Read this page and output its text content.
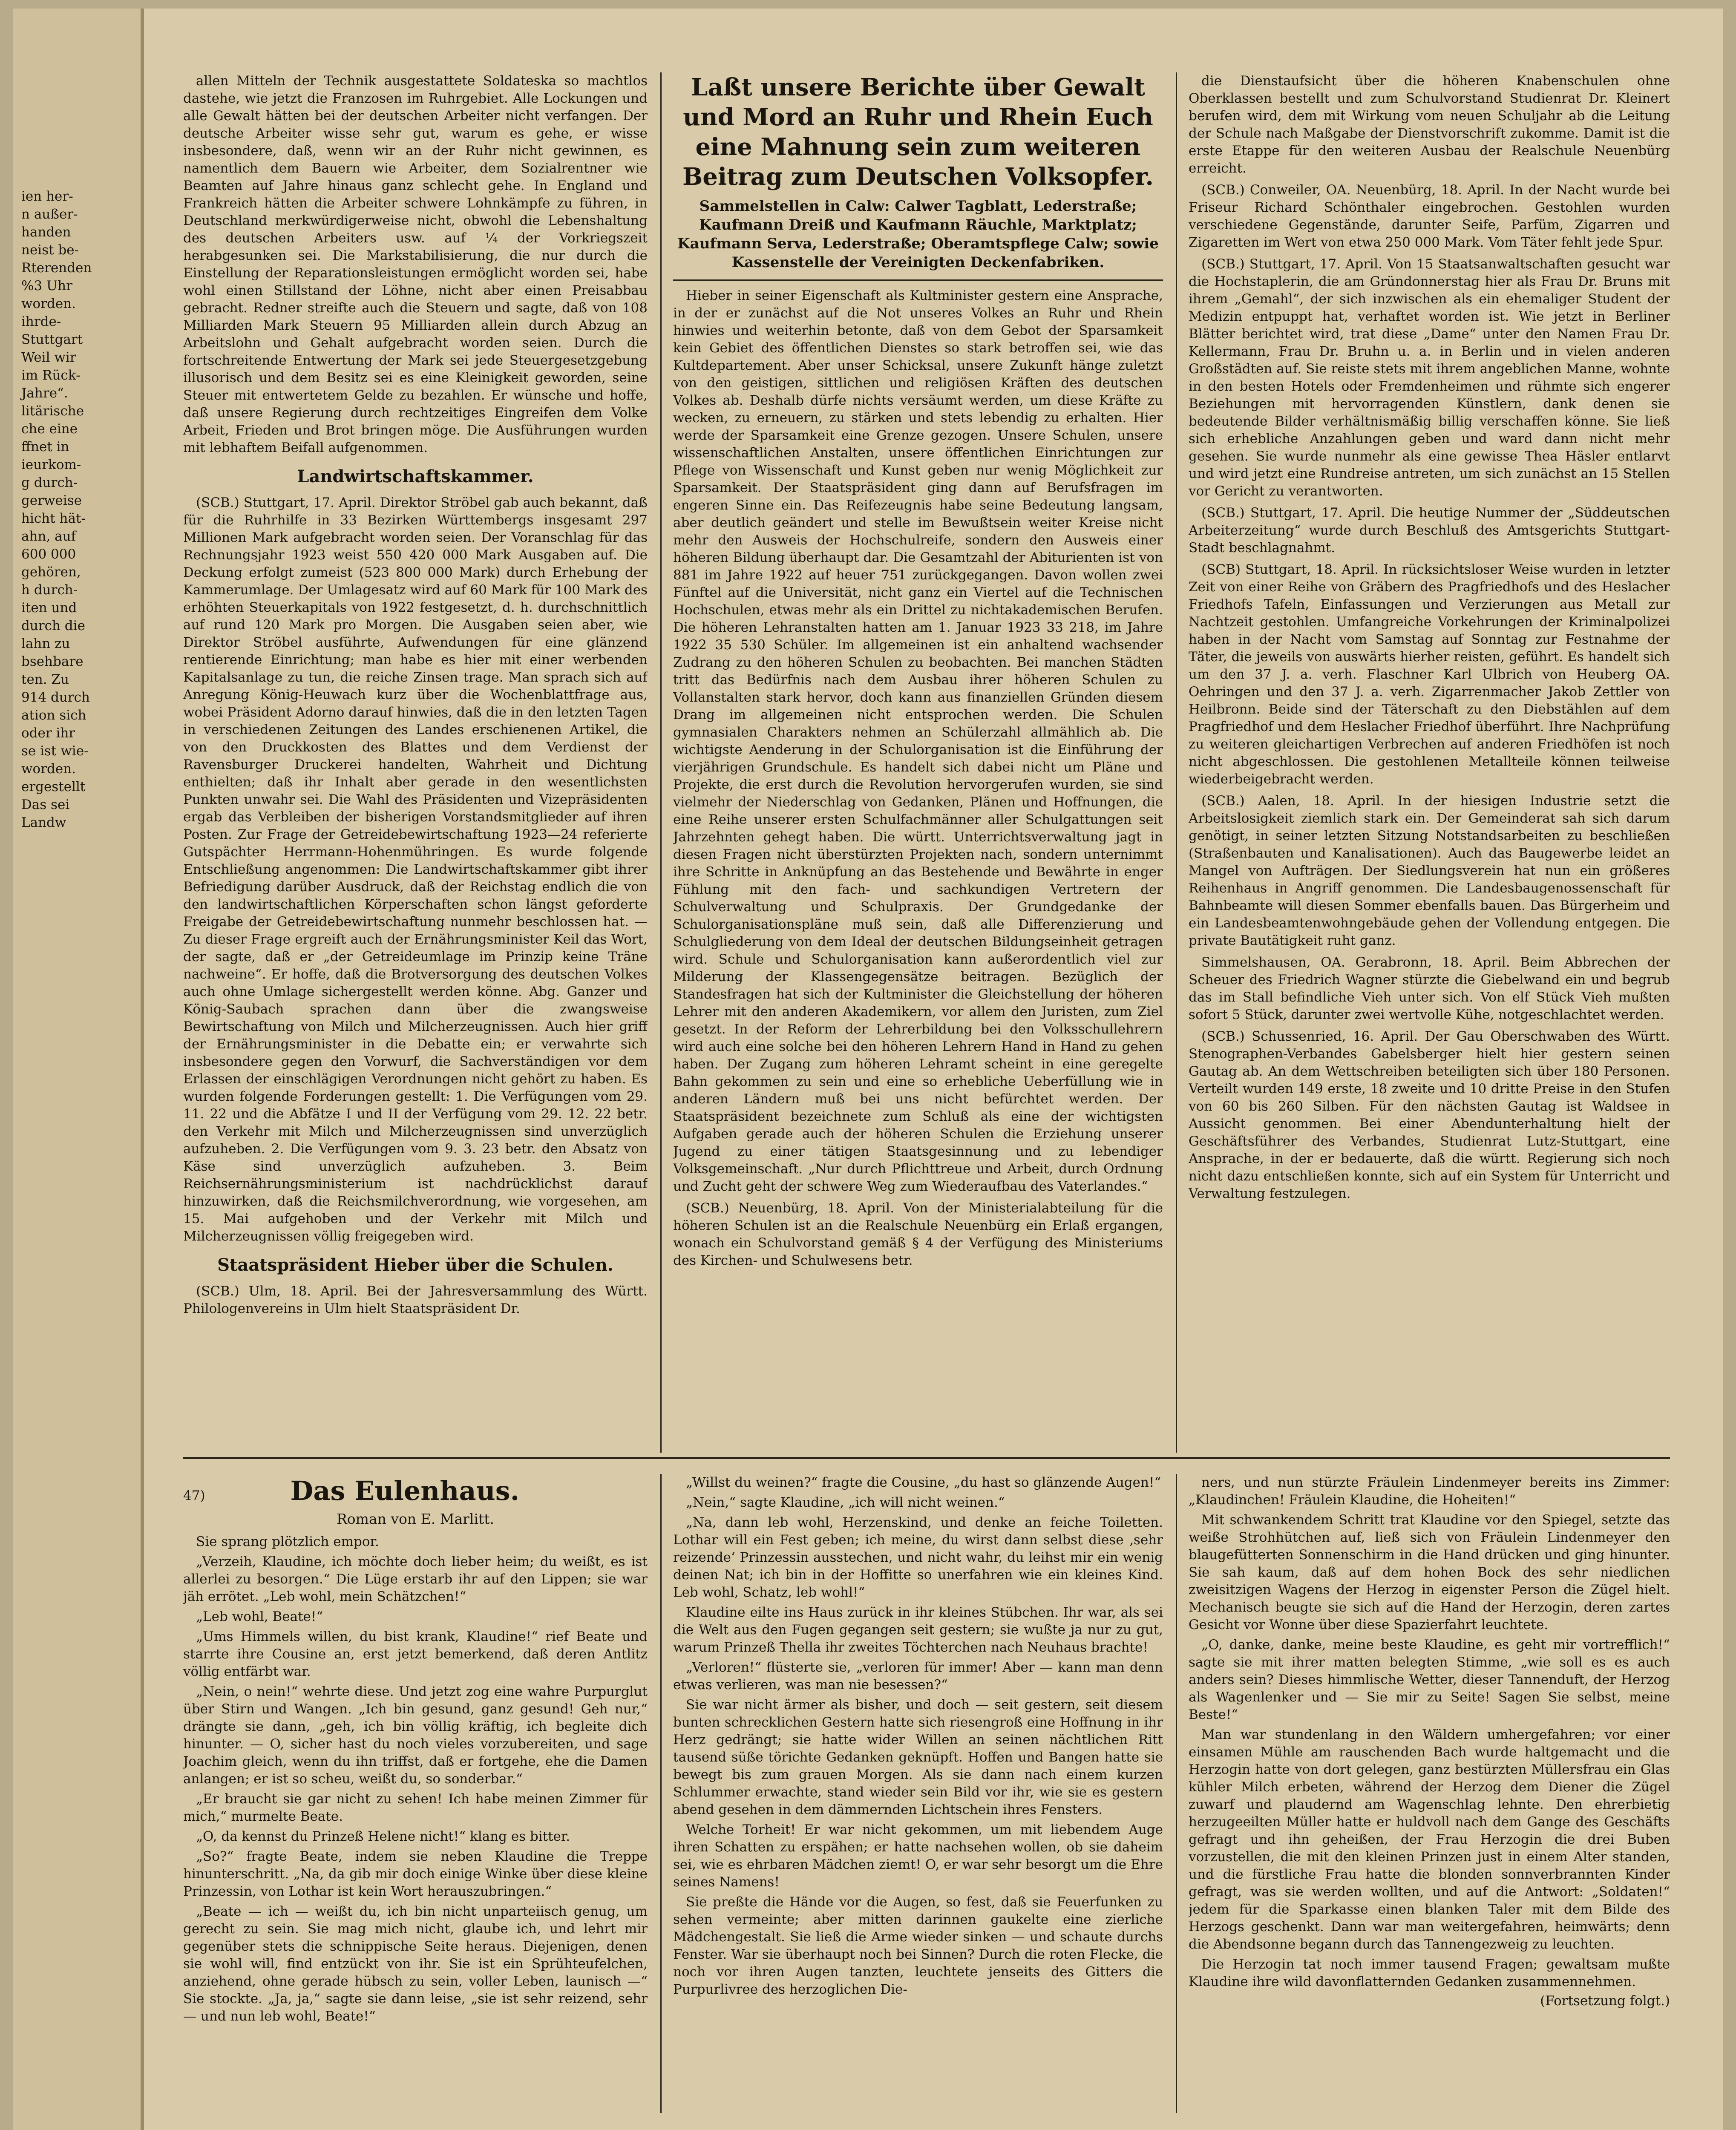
ien her-

n außer-

handen

neist be-

Rterenden

%3 Uhr

worden.

ihrde-

Stuttgart

Weil wir

im Rück-

Jahre“.

litärische

che eine

ffnet in

ieurkom-

g durch-

gerweise

hicht hät-

ahn, auf

600 000

gehören,

h durch-

iten und

durch die

lahn zu

bsehbare

ten. Zu

914 durch

ation sich

oder ihr

se ist wie-

worden.

ergestellt

Das sei

Landw

allen Mitteln der Technik ausgestattete Soldateska so machtlos dastehe, wie jetzt die Franzosen im Ruhrgebiet. Alle Lockungen und alle Gewalt hätten bei der deutschen Arbeiter nicht verfangen. Der deutsche Arbeiter wisse sehr gut, warum es gehe, er wisse insbesondere, daß, wenn wir an der Ruhr nicht gewinnen, es namentlich dem Bauern wie Arbeiter, dem Sozialrentner wie Beamten auf Jahre hinaus ganz schlecht gehe. In England und Frankreich hätten die Arbeiter schwere Lohnkämpfe zu führen, in Deutschland merkwürdigerweise nicht, obwohl die Lebenshaltung des deutschen Arbeiters usw. auf ¼ der Vorkriegszeit herabgesunken sei. Die Markstabilisierung, die nur durch die Einstellung der Reparationsleistungen ermöglicht worden sei, habe wohl einen Stillstand der Löhne, nicht aber einen Preisabbau gebracht. Redner streifte auch die Steuern und sagte, daß von 108 Milliarden Mark Steuern 95 Milliarden allein durch Abzug an Arbeitslohn und Gehalt aufgebracht worden seien. Durch die fortschreitende Entwertung der Mark sei jede Steuergesetzgebung illusorisch und dem Besitz sei es eine Kleinigkeit geworden, seine Steuer mit entwertetem Gelde zu bezahlen. Er wünsche und hoffe, daß unsere Regierung durch rechtzeitiges Eingreifen dem Volke Arbeit, Frieden und Brot bringen möge. Die Ausführungen wurden mit lebhaftem Beifall aufgenommen.

Landwirtschaftskammer.

(SCB.) Stuttgart, 17. April. Direktor Ströbel gab auch bekannt, daß für die Ruhrhilfe in 33 Bezirken Württembergs insgesamt 297 Millionen Mark aufgebracht worden seien. Der Voranschlag für das Rechnungsjahr 1923 weist 550 420 000 Mark Ausgaben auf. Die Deckung erfolgt zumeist (523 800 000 Mark) durch Erhebung der Kammerumlage. Der Umlagesatz wird auf 60 Mark für 100 Mark des erhöhten Steuerkapitals von 1922 festgesetzt, d. h. durchschnittlich auf rund 120 Mark pro Morgen. Die Ausgaben seien aber, wie Direktor Ströbel ausführte, Aufwendungen für eine glänzend rentierende Einrichtung; man habe es hier mit einer werbenden Kapitalsanlage zu tun, die reiche Zinsen trage. Man sprach sich auf Anregung König-Heuwach kurz über die Wochenblattfrage aus, wobei Präsident Adorno darauf hinwies, daß die in den letzten Tagen in verschiedenen Zeitungen des Landes erschienenen Artikel, die von den Druckkosten des Blattes und dem Verdienst der Ravensburger Druckerei handelten, Wahrheit und Dichtung enthielten; daß ihr Inhalt aber gerade in den wesentlichsten Punkten unwahr sei. Die Wahl des Präsidenten und Vizepräsidenten ergab das Verbleiben der bisherigen Vorstandsmitglieder auf ihren Posten. Zur Frage der Getreidebewirtschaftung 1923—24 referierte Gutspächter Herrmann-Hohenmühringen. Es wurde folgende Entschließung angenommen: Die Landwirtschaftskammer gibt ihrer Befriedigung darüber Ausdruck, daß der Reichstag endlich die von den landwirtschaftlichen Körperschaften schon längst geforderte Freigabe der Getreidebewirtschaftung nunmehr beschlossen hat. — Zu dieser Frage ergreift auch der Ernährungsminister Keil das Wort, der sagte, daß er „der Getreideumlage im Prinzip keine Träne nachweine“. Er hoffe, daß die Brotversorgung des deutschen Volkes auch ohne Umlage sichergestellt werden könne. Abg. Ganzer und König-Saubach sprachen dann über die zwangsweise Bewirtschaftung von Milch und Milcherzeugnissen. Auch hier griff der Ernährungsminister in die Debatte ein; er verwahrte sich insbesondere gegen den Vorwurf, die Sachverständigen vor dem Erlassen der einschlägigen Verordnungen nicht gehört zu haben. Es wurden folgende Forderungen gestellt: 1. Die Verfügungen vom 29. 11. 22 und die Abfätze I und II der Verfügung vom 29. 12. 22 betr. den Verkehr mit Milch und Milcherzeugnissen sind unverzüglich aufzuheben. 2. Die Verfügungen vom 9. 3. 23 betr. den Absatz von Käse sind unverzüglich aufzuheben. 3. Beim Reichsernährungsministerium ist nachdrücklichst darauf hinzuwirken, daß die Reichsmilchverordnung, wie vorgesehen, am 15. Mai aufgehoben und der Verkehr mit Milch und Milcherzeugnissen völlig freigegeben wird.

Staatspräsident Hieber über die Schulen.

(SCB.) Ulm, 18. April. Bei der Jahresversammlung des Württ. Philologenvereins in Ulm hielt Staatspräsident Dr.

Laßt unsere Berichte über Gewalt und Mord an Ruhr und Rhein Euch eine Mahnung sein zum weiteren Beitrag zum Deutschen Volksopfer.
Sammelstellen in Calw: Calwer Tagblatt, Lederstraße; Kaufmann Dreiß und Kaufmann Räuchle, Marktplatz; Kaufmann Serva, Lederstraße; Oberamtspflege Calw; sowie Kassenstelle der Vereinigten Deckenfabriken.

Hieber in seiner Eigenschaft als Kultminister gestern eine Ansprache, in der er zunächst auf die Not unseres Volkes an Ruhr und Rhein hinwies und weiterhin betonte, daß von dem Gebot der Sparsamkeit kein Gebiet des öffentlichen Dienstes so stark betroffen sei, wie das Kultdepartement. Aber unser Schicksal, unsere Zukunft hänge zuletzt von den geistigen, sittlichen und religiösen Kräften des deutschen Volkes ab. Deshalb dürfe nichts versäumt werden, um diese Kräfte zu wecken, zu erneuern, zu stärken und stets lebendig zu erhalten. Hier werde der Sparsamkeit eine Grenze gezogen. Unsere Schulen, unsere wissenschaftlichen Anstalten, unsere öffentlichen Einrichtungen zur Pflege von Wissenschaft und Kunst geben nur wenig Möglichkeit zur Sparsamkeit. Der Staatspräsident ging dann auf Berufsfragen im engeren Sinne ein. Das Reifezeugnis habe seine Bedeutung langsam, aber deutlich geändert und stelle im Bewußtsein weiter Kreise nicht mehr den Ausweis der Hochschulreife, sondern den Ausweis einer höheren Bildung überhaupt dar. Die Gesamtzahl der Abiturienten ist von 881 im Jahre 1922 auf heuer 751 zurückgegangen. Davon wollen zwei Fünftel auf die Universität, nicht ganz ein Viertel auf die Technischen Hochschulen, etwas mehr als ein Drittel zu nichtakademischen Berufen. Die höheren Lehranstalten hatten am 1. Januar 1923 33 218, im Jahre 1922 35 530 Schüler. Im allgemeinen ist ein anhaltend wachsender Zudrang zu den höheren Schulen zu beobachten. Bei manchen Städten tritt das Bedürfnis nach dem Ausbau ihrer höheren Schulen zu Vollanstalten stark hervor, doch kann aus finanziellen Gründen diesem Drang im allgemeinen nicht entsprochen werden. Die Schulen gymnasialen Charakters nehmen an Schülerzahl allmählich ab. Die wichtigste Aenderung in der Schulorganisation ist die Einführung der vierjährigen Grundschule. Es handelt sich dabei nicht um Pläne und Projekte, die erst durch die Revolution hervorgerufen wurden, sie sind vielmehr der Niederschlag von Gedanken, Plänen und Hoffnungen, die eine Reihe unserer ersten Schulfachmänner aller Schulgattungen seit Jahrzehnten gehegt haben. Die württ. Unterrichtsverwaltung jagt in diesen Fragen nicht überstürzten Projekten nach, sondern unternimmt ihre Schritte in Anknüpfung an das Bestehende und Bewährte in enger Fühlung mit den fach- und sachkundigen Vertretern der Schulverwaltung und Schulpraxis. Der Grundgedanke der Schulorganisationspläne muß sein, daß alle Differenzierung und Schulgliederung von dem Ideal der deutschen Bildungseinheit getragen wird. Schule und Schulorganisation kann außerordentlich viel zur Milderung der Klassengegensätze beitragen. Bezüglich der Standesfragen hat sich der Kultminister die Gleichstellung der höheren Lehrer mit den anderen Akademikern, vor allem den Juristen, zum Ziel gesetzt. In der Reform der Lehrerbildung bei den Volksschullehrern wird auch eine solche bei den höheren Lehrern Hand in Hand zu gehen haben. Der Zugang zum höheren Lehramt scheint in eine geregelte Bahn gekommen zu sein und eine so erhebliche Ueberfüllung wie in anderen Ländern muß bei uns nicht befürchtet werden. Der Staatspräsident bezeichnete zum Schluß als eine der wichtigsten Aufgaben gerade auch der höheren Schulen die Erziehung unserer Jugend zu einer tätigen Staatsgesinnung und zu lebendiger Volksgemeinschaft. „Nur durch Pflichttreue und Arbeit, durch Ordnung und Zucht geht der schwere Weg zum Wiederaufbau des Vaterlandes.“

(SCB.) Neuenbürg, 18. April. Von der Ministerialabteilung für die höheren Schulen ist an die Realschule Neuenbürg ein Erlaß ergangen, wonach ein Schulvorstand gemäß § 4 der Verfügung des Ministeriums des Kirchen- und Schulwesens betr.

die Dienstaufsicht über die höheren Knabenschulen ohne Oberklassen bestellt und zum Schulvorstand Studienrat Dr. Kleinert berufen wird, dem mit Wirkung vom neuen Schuljahr ab die Leitung der Schule nach Maßgabe der Dienstvorschrift zukomme. Damit ist die erste Etappe für den weiteren Ausbau der Realschule Neuenbürg erreicht.

(SCB.) Conweiler, OA. Neuenbürg, 18. April. In der Nacht wurde bei Friseur Richard Schönthaler eingebrochen. Gestohlen wurden verschiedene Gegenstände, darunter Seife, Parfüm, Zigarren und Zigaretten im Wert von etwa 250 000 Mark. Vom Täter fehlt jede Spur.

(SCB.) Stuttgart, 17. April. Von 15 Staatsanwaltschaften gesucht war die Hochstaplerin, die am Gründonnerstag hier als Frau Dr. Bruns mit ihrem „Gemahl“, der sich inzwischen als ein ehemaliger Student der Medizin entpuppt hat, verhaftet worden ist. Wie jetzt in Berliner Blätter berichtet wird, trat diese „Dame“ unter den Namen Frau Dr. Kellermann, Frau Dr. Bruhn u. a. in Berlin und in vielen anderen Großstädten auf. Sie reiste stets mit ihrem angeblichen Manne, wohnte in den besten Hotels oder Fremdenheimen und rühmte sich engerer Beziehungen mit hervorragenden Künstlern, dank denen sie bedeutende Bilder verhältnismäßig billig verschaffen könne. Sie ließ sich erhebliche Anzahlungen geben und ward dann nicht mehr gesehen. Sie wurde nunmehr als eine gewisse Thea Häsler entlarvt und wird jetzt eine Rundreise antreten, um sich zunächst an 15 Stellen vor Gericht zu verantworten.

(SCB.) Stuttgart, 17. April. Die heutige Nummer der „Süddeutschen Arbeiterzeitung“ wurde durch Beschluß des Amtsgerichts Stuttgart-Stadt beschlagnahmt.

(SCB) Stuttgart, 18. April. In rücksichtsloser Weise wurden in letzter Zeit von einer Reihe von Gräbern des Pragfriedhofs und des Heslacher Friedhofs Tafeln, Einfassungen und Verzierungen aus Metall zur Nachtzeit gestohlen. Umfangreiche Vorkehrungen der Kriminalpolizei haben in der Nacht vom Samstag auf Sonntag zur Festnahme der Täter, die jeweils von auswärts hierher reisten, geführt. Es handelt sich um den 37 J. a. verh. Flaschner Karl Ulbrich von Heuberg OA. Oehringen und den 37 J. a. verh. Zigarrenmacher Jakob Zettler von Heilbronn. Beide sind der Täterschaft zu den Diebstählen auf dem Pragfriedhof und dem Heslacher Friedhof überführt. Ihre Nachprüfung zu weiteren gleichartigen Verbrechen auf anderen Friedhöfen ist noch nicht abgeschlossen. Die gestohlenen Metallteile können teilweise wiederbeigebracht werden.

(SCB.) Aalen, 18. April. In der hiesigen Industrie setzt die Arbeitslosigkeit ziemlich stark ein. Der Gemeinderat sah sich darum genötigt, in seiner letzten Sitzung Notstandsarbeiten zu beschließen (Straßenbauten und Kanalisationen). Auch das Baugewerbe leidet an Mangel von Aufträgen. Der Siedlungsverein hat nun ein größeres Reihenhaus in Angriff genommen. Die Landesbaugenossenschaft für Bahnbeamte will diesen Sommer ebenfalls bauen. Das Bürgerheim und ein Landesbeamtenwohngebäude gehen der Vollendung entgegen. Die private Bautätigkeit ruht ganz.

Simmelshausen, OA. Gerabronn, 18. April. Beim Abbrechen der Scheuer des Friedrich Wagner stürzte die Giebelwand ein und begrub das im Stall befindliche Vieh unter sich. Von elf Stück Vieh mußten sofort 5 Stück, darunter zwei wertvolle Kühe, notgeschlachtet werden.

(SCB.) Schussenried, 16. April. Der Gau Oberschwaben des Württ. Stenographen-Verbandes Gabelsberger hielt hier gestern seinen Gautag ab. An dem Wettschreiben beteiligten sich über 180 Personen. Verteilt wurden 149 erste, 18 zweite und 10 dritte Preise in den Stufen von 60 bis 260 Silben. Für den nächsten Gautag ist Waldsee in Aussicht genommen. Bei einer Abendunterhaltung hielt der Geschäftsführer des Verbandes, Studienrat Lutz-Stuttgart, eine Ansprache, in der er bedauerte, daß die württ. Regierung sich noch nicht dazu entschließen konnte, sich auf ein System für Unterricht und Verwaltung festzulegen.

47)	Das Eulenhaus.
Roman von E. Marlitt.

Sie sprang plötzlich empor.

„Verzeih, Klaudine, ich möchte doch lieber heim; du weißt, es ist allerlei zu besorgen.“ Die Lüge erstarb ihr auf den Lippen; sie war jäh errötet. „Leb wohl, mein Schätzchen!“

„Leb wohl, Beate!“

„Ums Himmels willen, du bist krank, Klaudine!“ rief Beate und starrte ihre Cousine an, erst jetzt bemerkend, daß deren Antlitz völlig entfärbt war.

„Nein, o nein!“ wehrte diese. Und jetzt zog eine wahre Purpurglut über Stirn und Wangen. „Ich bin gesund, ganz gesund! Geh nur,“ drängte sie dann, „geh, ich bin völlig kräftig, ich begleite dich hinunter. — O, sicher hast du noch vieles vorzubereiten, und sage Joachim gleich, wenn du ihn triffst, daß er fortgehe, ehe die Damen anlangen; er ist so scheu, weißt du, so sonderbar.“

„Er braucht sie gar nicht zu sehen! Ich habe meinen Zimmer für mich,“ murmelte Beate.

„O, da kennst du Prinzeß Helene nicht!“ klang es bitter.

„So?“ fragte Beate, indem sie neben Klaudine die Treppe hinunterschritt. „Na, da gib mir doch einige Winke über diese kleine Prinzessin, von Lothar ist kein Wort herauszubringen.“

„Beate — ich — weißt du, ich bin nicht unparteiisch genug, um gerecht zu sein. Sie mag mich nicht, glaube ich, und lehrt mir gegenüber stets die schnippische Seite heraus. Diejenigen, denen sie wohl will, find entzückt von ihr. Sie ist ein Sprühteufelchen, anziehend, ohne gerade hübsch zu sein, voller Leben, launisch —“ Sie stockte. „Ja, ja,“ sagte sie dann leise, „sie ist sehr reizend, sehr — und nun leb wohl, Beate!“

„Willst du weinen?“ fragte die Cousine, „du hast so glänzende Augen!“

„Nein,“ sagte Klaudine, „ich will nicht weinen.“

„Na, dann leb wohl, Herzenskind, und denke an feiche Toiletten. Lothar will ein Fest geben; ich meine, du wirst dann selbst diese ‚sehr reizende‘ Prinzessin ausstechen, und nicht wahr, du leihst mir ein wenig deinen Nat; ich bin in der Hoffitte so unerfahren wie ein kleines Kind. Leb wohl, Schatz, leb wohl!“

Klaudine eilte ins Haus zurück in ihr kleines Stübchen. Ihr war, als sei die Welt aus den Fugen gegangen seit gestern; sie wußte ja nur zu gut, warum Prinzeß Thella ihr zweites Töchterchen nach Neuhaus brachte!

„Verloren!“ flüsterte sie, „verloren für immer! Aber — kann man denn etwas verlieren, was man nie besessen?“

Sie war nicht ärmer als bisher, und doch — seit gestern, seit diesem bunten schrecklichen Gestern hatte sich riesengroß eine Hoffnung in ihr Herz gedrängt; sie hatte wider Willen an seinen nächtlichen Ritt tausend süße törichte Gedanken geknüpft. Hoffen und Bangen hatte sie bewegt bis zum grauen Morgen. Als sie dann nach einem kurzen Schlummer erwachte, stand wieder sein Bild vor ihr, wie sie es gestern abend gesehen in dem dämmernden Lichtschein ihres Fensters.

Welche Torheit! Er war nicht gekommen, um mit liebendem Auge ihren Schatten zu erspähen; er hatte nachsehen wollen, ob sie daheim sei, wie es ehrbaren Mädchen ziemt! O, er war sehr besorgt um die Ehre seines Namens!

Sie preßte die Hände vor die Augen, so fest, daß sie Feuerfunken zu sehen vermeinte; aber mitten darinnen gaukelte eine zierliche Mädchengestalt. Sie ließ die Arme wieder sinken — und schaute durchs Fenster. War sie überhaupt noch bei Sinnen? Durch die roten Flecke, die noch vor ihren Augen tanzten, leuchtete jenseits des Gitters die Purpurlivree des herzoglichen Die-

ners, und nun stürzte Fräulein Lindenmeyer bereits ins Zimmer: „Klaudinchen! Fräulein Klaudine, die Hoheiten!“

Mit schwankendem Schritt trat Klaudine vor den Spiegel, setzte das weiße Strohhütchen auf, ließ sich von Fräulein Lindenmeyer den blaugefütterten Sonnenschirm in die Hand drücken und ging hinunter. Sie sah kaum, daß auf dem hohen Bock des sehr niedlichen zweisitzigen Wagens der Herzog in eigenster Person die Zügel hielt. Mechanisch beugte sie sich auf die Hand der Herzogin, deren zartes Gesicht vor Wonne über diese Spazierfahrt leuchtete.

„O, danke, danke, meine beste Klaudine, es geht mir vortrefflich!“ sagte sie mit ihrer matten belegten Stimme, „wie soll es es auch anders sein? Dieses himmlische Wetter, dieser Tannenduft, der Herzog als Wagenlenker und — Sie mir zu Seite! Sagen Sie selbst, meine Beste!“

Man war stundenlang in den Wäldern umhergefahren; vor einer einsamen Mühle am rauschenden Bach wurde haltgemacht und die Herzogin hatte von dort gelegen, ganz bestürzten Müllersfrau ein Glas kühler Milch erbeten, während der Herzog dem Diener die Zügel zuwarf und plaudernd am Wagenschlag lehnte. Den ehrerbietig herzugeeilten Müller hatte er huldvoll nach dem Gange des Geschäfts gefragt und ihn geheißen, der Frau Herzogin die drei Buben vorzustellen, die mit den kleinen Prinzen just in einem Alter standen, und die fürstliche Frau hatte die blonden sonnverbrannten Kinder gefragt, was sie werden wollten, und auf die Antwort: „Soldaten!“ jedem für die Sparkasse einen blanken Taler mit dem Bilde des Herzogs geschenkt. Dann war man weitergefahren, heimwärts; denn die Abendsonne begann durch das Tannengezweig zu leuchten.

Die Herzogin tat noch immer tausend Fragen; gewaltsam mußte Klaudine ihre wild davonflatternden Gedanken zusammennehmen.

(Fortsetzung folgt.)
